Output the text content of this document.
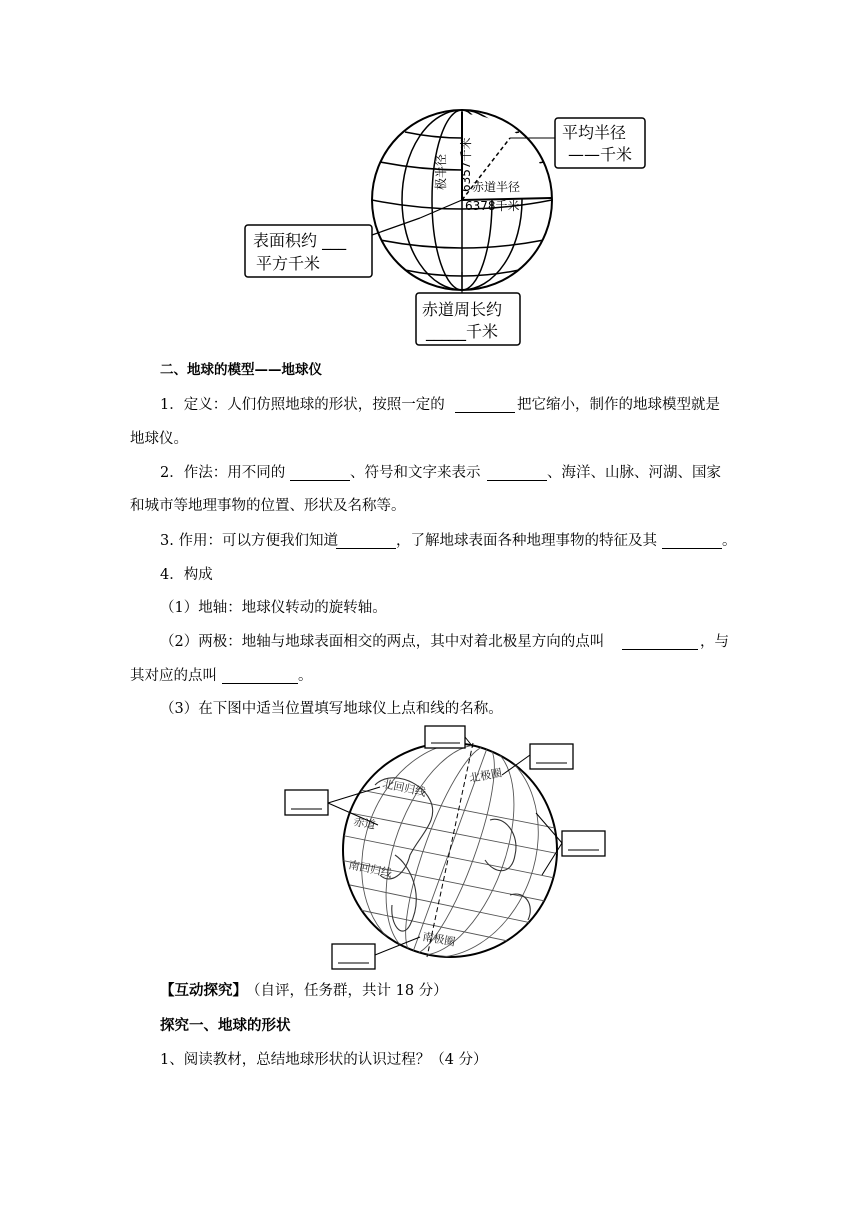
极半径 6357千米 赤道半径
6378千米
平均半径
——千米
表面积约 ___
平方千米
赤道周长约
_____千米
二、地球的模型——地球仪
1．定义：人们仿照地球的形状，按照一定的	把它缩小，制作的地球模型就是
地球仪。
2．作法：用不同的	、符号和文字来表示	、海洋、山脉、河湖、国家
和城市等地理事物的位置、形状及名称等。
3. 作用：可以方便我们知道	，了解地球表面各种地理事物的特征及其	。
4．构成
（1）地轴：地球仪转动的旋转轴。
（2）两极：地轴与地球表面相交的两点，其中对着北极星方向的点叫	，与
其对应的点叫	。
（3）在下图中适当位置填写地球仪上点和线的名称。
北极圈
北回归线
赤道
南回归线
南极圈
【互动探究】 （自评，任务群，共计 18 分）
探究一、地球的形状
1、阅读教材，总结地球形状的认识过程？（4 分）
